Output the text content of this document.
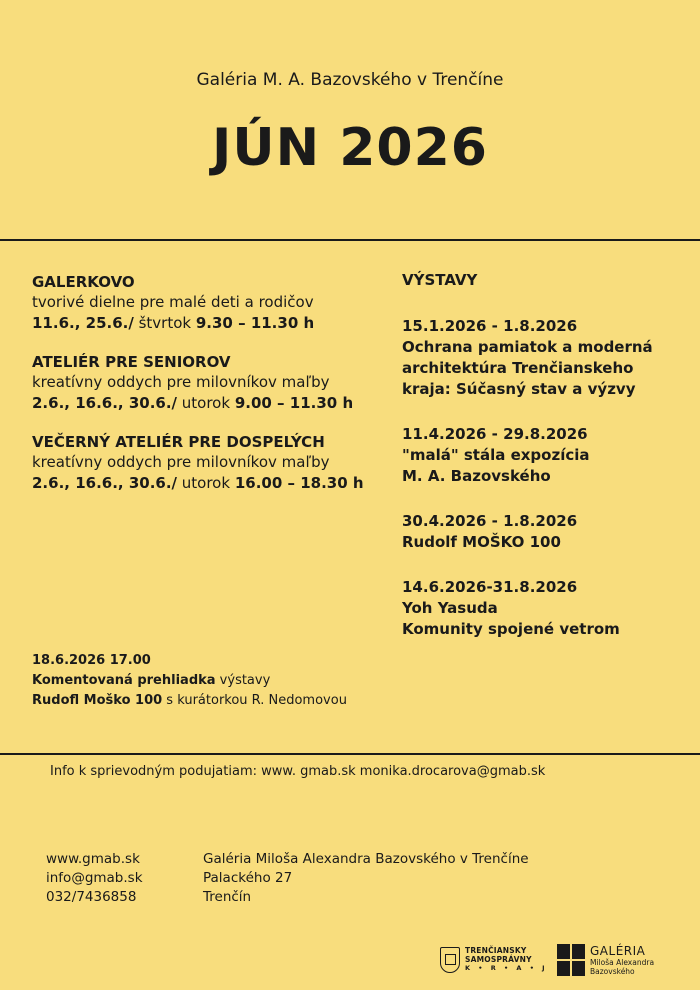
Galéria M. A. Bazovského v Trenčíne
JÚN 2026
GALERKOVO
tvorivé dielne pre malé deti a rodičov
11.6., 25.6./ štvrtok 9.30 – 11.30 h
ATELIÉR PRE SENIOROV
kreatívny oddych pre milovníkov maľby
2.6., 16.6., 30.6./ utorok 9.00 – 11.30 h
VEČERNÝ ATELIÉR PRE DOSPELÝCH
kreatívny oddych pre milovníkov maľby
2.6., 16.6., 30.6./ utorok 16.00 – 18.30 h
18.6.2026 17.00
Komentovaná prehliadka výstavy
Rudofl Moško 100 s kurátorkou R. Nedomovou
VÝSTAVY
15.1.2026 - 1.8.2026
Ochrana pamiatok a moderná
architektúra Trenčianskeho
kraja: Súčasný stav a výzvy
11.4.2026 - 29.8.2026
"malá" stála expozícia
M. A. Bazovského
30.4.2026 - 1.8.2026
Rudolf MOŠKO 100
14.6.2026-31.8.2026
Yoh Yasuda
Komunity spojené vetrom
Info k sprievodným podujatiam: www. gmab.sk monika.drocarova@gmab.sk
www.gmab.sk
info@gmab.sk
032/7436858
Galéria Miloša Alexandra Bazovského v Trenčíne
Palackého 27
Trenčín
TRENČIANSKY
SAMOSPRÁVNY
K • R • A • J
GALÉRIA
Miloša Alexandra
Bazovského
